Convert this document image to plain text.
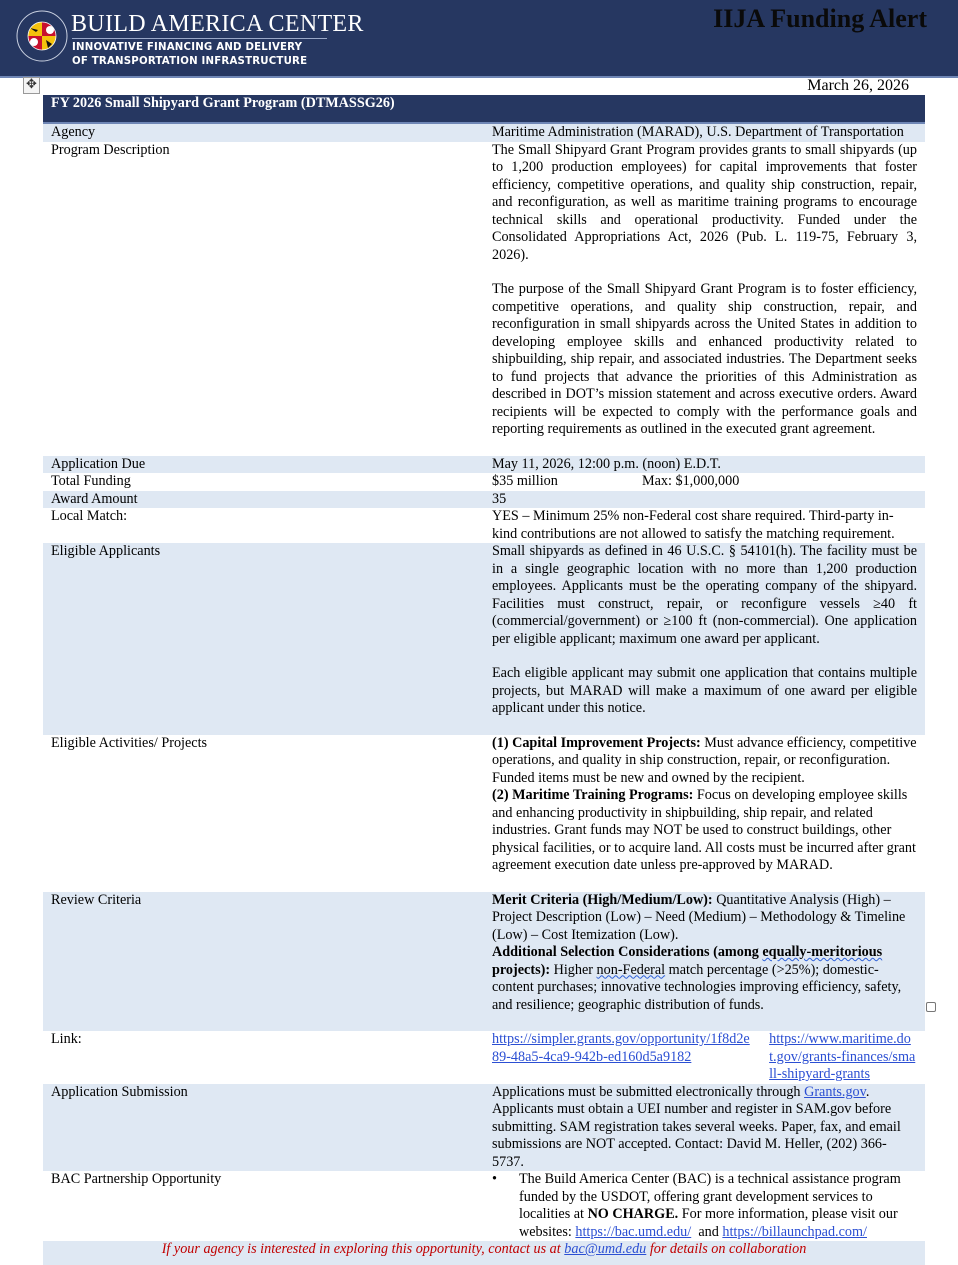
BUILD AMERICA CENTER
INNOVATIVE FINANCING AND DELIVERY
OF TRANSPORTATION INFRASTRUCTURE
IIJA Funding Alert
✥	March 26, 2026
FY 2026 Small Shipyard Grant Program (DTMASSG26)	
Agency	Maritime Administration (MARAD), U.S. Department of Transportation
Program Description	The Small Shipyard Grant Program provides grants to small shipyards (up to 1,200 production employees) for capital improvements that foster efficiency, competitive operations, and quality ship construction, repair, and reconfiguration, as well as maritime training programs to encourage technical skills and operational productivity. Funded under the Consolidated Appropriations Act, 2026 (Pub. L. 119-75, February 3, 2026).
The purpose of the Small Shipyard Grant Program is to foster efficiency, competitive operations, and quality ship construction, repair, and reconfiguration in small shipyards across the United States in addition to developing employee skills and enhanced productivity related to shipbuilding, ship repair, and associated industries. The Department seeks to fund projects that advance the priorities of this Administration as described in DOT’s mission statement and across executive orders. Award recipients will be expected to comply with the performance goals and reporting requirements as outlined in the executed grant agreement.

Application Due	May 11, 2026, 12:00 p.m. (noon) E.D.T.
Total Funding	$35 million Max: $1,000,000
Award Amount	35
Local Match:	YES – Minimum 25% non-Federal cost share required. Third-party in-kind contributions are not allowed to satisfy the matching requirement.
Eligible Applicants	Small shipyards as defined in 46 U.S.C. § 54101(h). The facility must be in a single geographic location with no more than 1,200 production employees. Applicants must be the operating company of the shipyard. Facilities must construct, repair, or reconfigure vessels ≥40 ft (commercial/government) or ≥100 ft (non-commercial). One application per eligible applicant; maximum one award per applicant.
Each eligible applicant may submit one application that contains multiple projects, but MARAD will make a maximum of one award per eligible applicant under this notice.

Eligible Activities/ Projects	(1) Capital Improvement Projects: Must advance efficiency, competitive operations, and quality in ship construction, repair, or reconfiguration. Funded items must be new and owned by the recipient.
(2) Maritime Training Programs: Focus on developing employee skills and enhancing productivity in shipbuilding, ship repair, and related industries. Grant funds may NOT be used to construct buildings, other physical facilities, or to acquire land. All costs must be incurred after grant agreement execution date unless pre-approved by MARAD.

Review Criteria	Merit Criteria (High/Medium/Low): Quantitative Analysis (High) – Project Description (Low) – Need (Medium) – Methodology & Timeline (Low) – Cost Itemization (Low).
Additional Selection Considerations (among equally-meritorious projects): Higher non-Federal match percentage (>25%); domestic-content purchases; innovative technologies improving efficiency, safety, and resilience; geographic distribution of funds.

Link:	https://simpler.grants.gov/opportunity/1f8d2e89-48a5-4ca9-942b-ed160d5a9182
https://www.maritime.dot.gov/grants-finances/small-shipyard-grants

Application Submission	Applications must be submitted electronically through Grants.gov. Applicants must obtain a UEI number and register in SAM.gov before submitting. SAM registration takes several weeks. Paper, fax, and email submissions are NOT accepted. Contact: David M. Heller, (202) 366-5737.
BAC Partnership Opportunity	• The Build America Center (BAC) is a technical assistance program funded by the USDOT, offering grant development services to localities at NO CHARGE. For more information, please visit our websites: https://bac.umd.edu/ and https://billaunchpad.com/

If your agency is interested in exploring this opportunity, contact us at bac@umd.edu for details on collaboration	
